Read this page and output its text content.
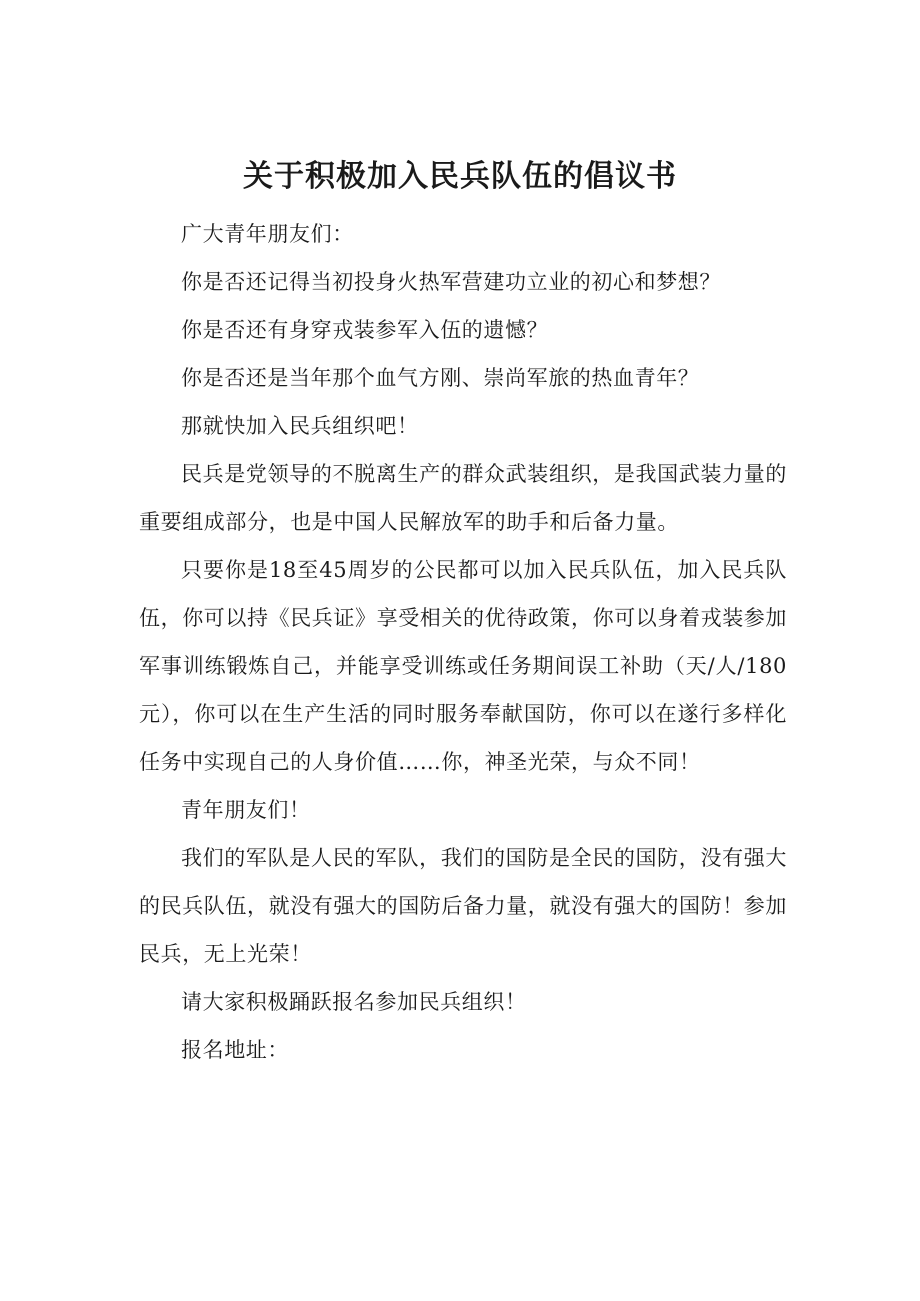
关于积极加入民兵队伍的倡议书

广大青年朋友们：

你是否还记得当初投身火热军营建功立业的初心和梦想？

你是否还有身穿戎装参军入伍的遗憾？

你是否还是当年那个血气方刚、崇尚军旅的热血青年？

那就快加入民兵组织吧！

民兵是党领导的不脱离生产的群众武装组织，是我国武装力量的重要组成部分，也是中国人民解放军的助手和后备力量。

只要你是18至45周岁的公民都可以加入民兵队伍，加入民兵队伍，你可以持《民兵证》享受相关的优待政策，你可以身着戎装参加军事训练锻炼自己，并能享受训练或任务期间误工补助（天/人/180元），你可以在生产生活的同时服务奉献国防，你可以在遂行多样化任务中实现自己的人身价值……你，神圣光荣，与众不同！

青年朋友们！

我们的军队是人民的军队，我们的国防是全民的国防，没有强大的民兵队伍，就没有强大的国防后备力量，就没有强大的国防！参加民兵，无上光荣！

请大家积极踊跃报名参加民兵组织！

报名地址：
